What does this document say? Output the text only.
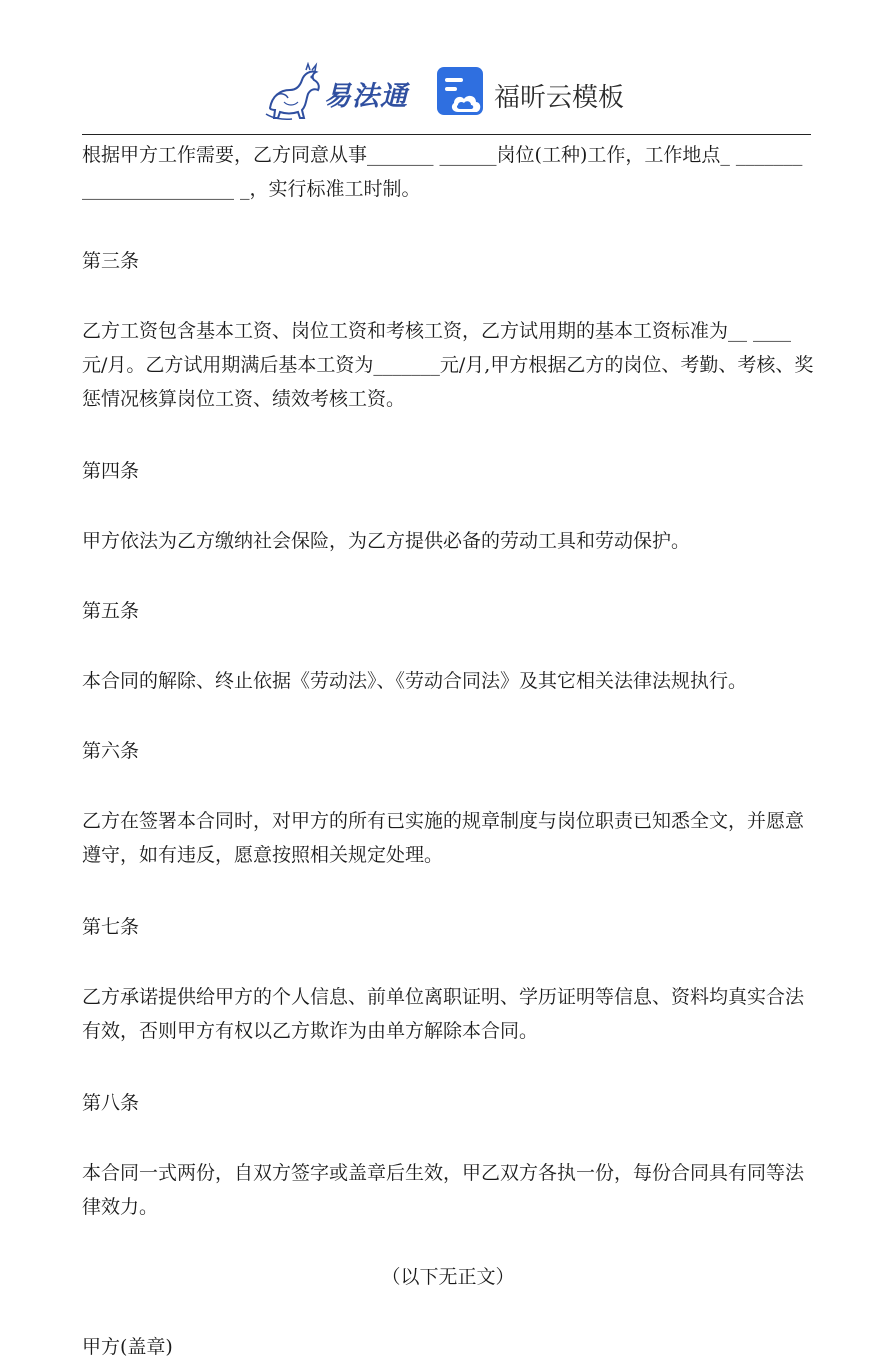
易法通	福昕云模板

根据甲方工作需要，乙方同意从事_______ ______岗位(工种)工作，工作地点_ _______ ________________ _，实行标准工时制。

第三条

乙方工资包含基本工资、岗位工资和考核工资，乙方试用期的基本工资标准为__ ____元/月。乙方试用期满后基本工资为_______元/月,甲方根据乙方的岗位、考勤、考核、奖惩情况核算岗位工资、绩效考核工资。

第四条

甲方依法为乙方缴纳社会保险，为乙方提供必备的劳动工具和劳动保护。

第五条

本合同的解除、终止依据《劳动法》、《劳动合同法》及其它相关法律法规执行。

第六条

乙方在签署本合同时，对甲方的所有已实施的规章制度与岗位职责已知悉全文，并愿意遵守，如有违反，愿意按照相关规定处理。

第七条

乙方承诺提供给甲方的个人信息、前单位离职证明、学历证明等信息、资料均真实合法有效，否则甲方有权以乙方欺诈为由单方解除本合同。

第八条

本合同一式两份，自双方签字或盖章后生效，甲乙双方各执一份，每份合同具有同等法律效力。

（以下无正文）

甲方(盖章)
